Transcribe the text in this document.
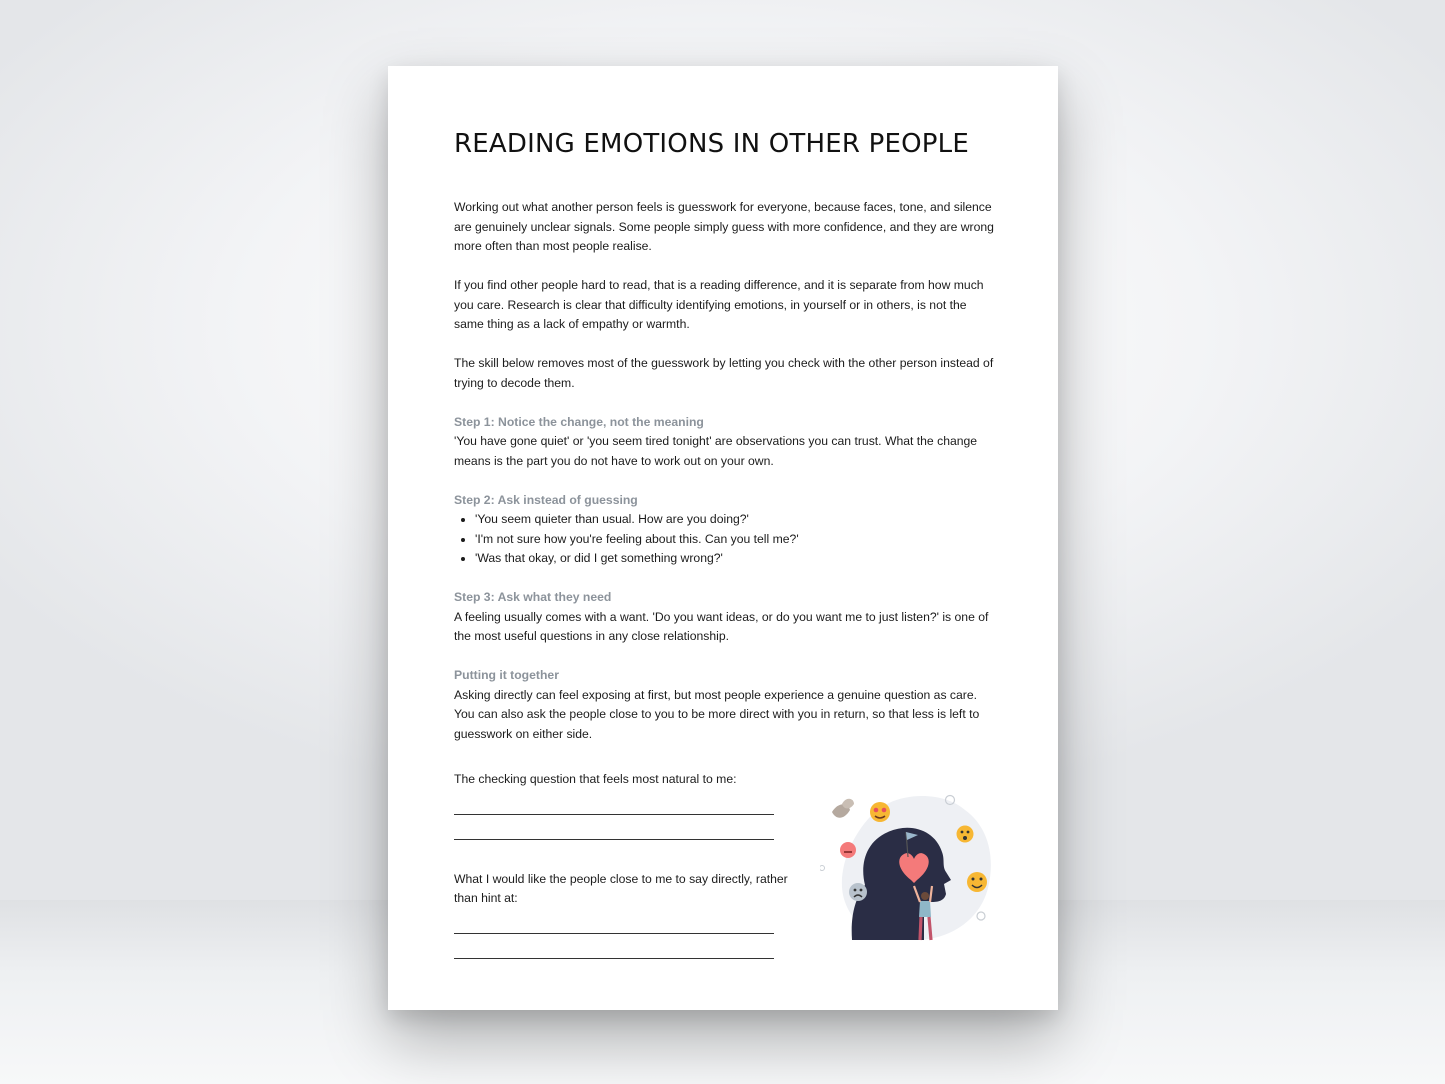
READING EMOTIONS IN OTHER PEOPLE

Working out what another person feels is guesswork for everyone, because faces, tone, and silence are genuinely unclear signals. Some people simply guess with more confidence, and they are wrong more often than most people realise.

If you find other people hard to read, that is a reading difference, and it is separate from how much you care. Research is clear that difficulty identifying emotions, in yourself or in others, is not the same thing as a lack of empathy or warmth.

The skill below removes most of the guesswork by letting you check with the other person instead of trying to decode them.

Step 1: Notice the change, not the meaning

'You have gone quiet' or 'you seem tired tonight' are observations you can trust. What the change means is the part you do not have to work out on your own.

Step 2: Ask instead of guessing
• 'You seem quieter than usual. How are you doing?'
• 'I'm not sure how you're feeling about this. Can you tell me?'
• 'Was that okay, or did I get something wrong?'
Step 3: Ask what they need

A feeling usually comes with a want. 'Do you want ideas, or do you want me to just listen?' is one of the most useful questions in any close relationship.

Putting it together

Asking directly can feel exposing at first, but most people experience a genuine question as care. You can also ask the people close to you to be more direct with you in return, so that less is left to guesswork on either side.

The checking question that feels most natural to me:
What I would like the people close to me to say directly, rather than hint at:
